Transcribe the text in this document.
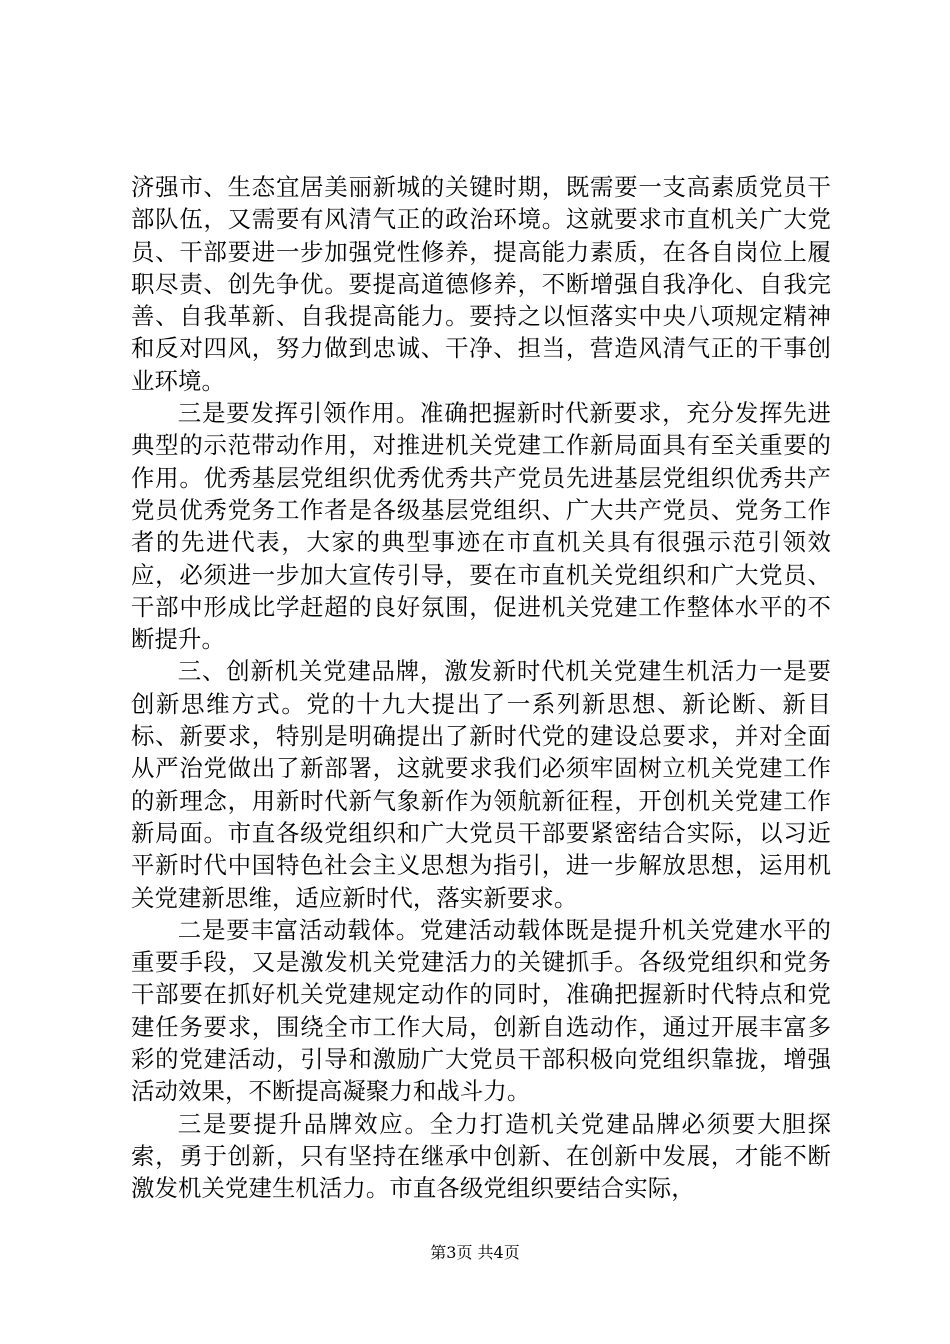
济强市、生态宜居美丽新城的关键时期，既需要一支高素质党员干部队伍，又需要有风清气正的政治环境。这就要求市直机关广大党员、干部要进一步加强党性修养，提高能力素质，在各自岗位上履职尽责、创先争优。要提高道德修养，不断增强自我净化、自我完善、自我革新、自我提高能力。要持之以恒落实中央八项规定精神和反对四风，努力做到忠诚、干净、担当，营造风清气正的干事创业环境。

三是要发挥引领作用。准确把握新时代新要求，充分发挥先进典型的示范带动作用，对推进机关党建工作新局面具有至关重要的作用。优秀基层党组织优秀优秀共产党员先进基层党组织优秀共产党员优秀党务工作者是各级基层党组织、广大共产党员、党务工作者的先进代表，大家的典型事迹在市直机关具有很强示范引领效应，必须进一步加大宣传引导，要在市直机关党组织和广大党员、干部中形成比学赶超的良好氛围，促进机关党建工作整体水平的不断提升。

三、创新机关党建品牌，激发新时代机关党建生机活力一是要创新思维方式。党的十九大提出了一系列新思想、新论断、新目标、新要求，特别是明确提出了新时代党的建设总要求，并对全面从严治党做出了新部署，这就要求我们必须牢固树立机关党建工作的新理念，用新时代新气象新作为领航新征程，开创机关党建工作新局面。市直各级党组织和广大党员干部要紧密结合实际，以习近平新时代中国特色社会主义思想为指引，进一步解放思想，运用机关党建新思维，适应新时代，落实新要求。

二是要丰富活动载体。党建活动载体既是提升机关党建水平的重要手段，又是激发机关党建活力的关键抓手。各级党组织和党务干部要在抓好机关党建规定动作的同时，准确把握新时代特点和党建任务要求，围绕全市工作大局，创新自选动作，通过开展丰富多彩的党建活动，引导和激励广大党员干部积极向党组织靠拢，增强活动效果，不断提高凝聚力和战斗力。

三是要提升品牌效应。全力打造机关党建品牌必须要大胆探索，勇于创新，只有坚持在继承中创新、在创新中发展，才能不断激发机关党建生机活力。市直各级党组织要结合实际，

第3页 共4页
